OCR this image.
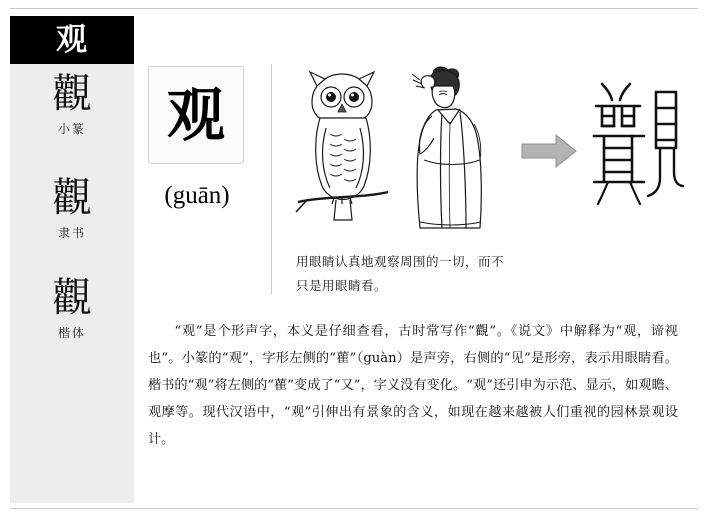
观
觀
小篆
觀
隶书
觀
楷体
观
(guān)
用眼睛认真地观察周围的一切，而不
只是用眼睛看。
“观”是个形声字，本义是仔细查看，古时常写作“觀”。《说文》中解释为“观，谛视也”。小篆的“观”，字形左侧的“雚”（guàn）是声旁，右侧的“见”是形旁，表示用眼睛看。楷书的“观”将左侧的“雚”变成了“又”，字义没有变化。“观”还引申为示范、显示，如观瞻、观摩等。现代汉语中，“观”引伸出有景象的含义，如现在越来越被人们重视的园林景观设计。
